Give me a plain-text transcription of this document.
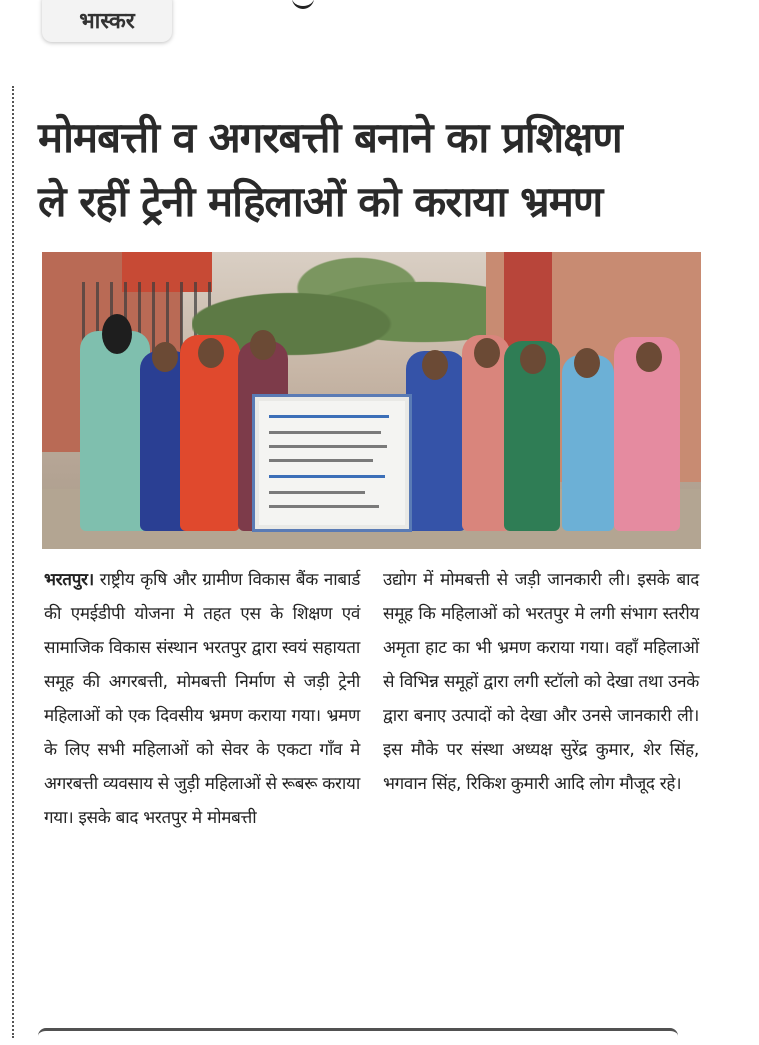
भास्कर
मोमबत्ती व अगरबत्ती बनाने का प्रशिक्षण
ले रहीं ट्रेनी महिलाओं को कराया भ्रमण

भरतपुर। राष्ट्रीय कृषि और ग्रामीण विकास बैंक नाबार्ड की एमईडीपी योजना मे तहत एस के शिक्षण एवं सामाजिक विकास संस्थान भरतपुर द्वारा स्वयं सहायता समूह की अगरबत्ती, मोमबत्ती निर्माण से जड़ी ट्रेनी महिलाओं को एक दिवसीय भ्रमण कराया गया। भ्रमण के लिए सभी महिलाओं को सेवर के एकटा गाँव मे अगरबत्ती व्यवसाय से जुड़ी महिलाओं से रूबरू कराया गया। इसके बाद भरतपुर मे मोमबत्ती

उद्योग में मोमबत्ती से जड़ी जानकारी ली। इसके बाद समूह कि महिलाओं को भरतपुर मे लगी संभाग स्तरीय अमृता हाट का भी भ्रमण कराया गया। वहाँ महिलाओं से विभिन्न समूहों द्वारा लगी स्टॉलो को देखा तथा उनके द्वारा बनाए उत्पादों को देखा और उनसे जानकारी ली। इस मौके पर संस्था अध्यक्ष सुरेंद्र कुमार, शेर सिंह, भगवान सिंह, रिकिश कुमारी आदि लोग मौजूद रहे।
